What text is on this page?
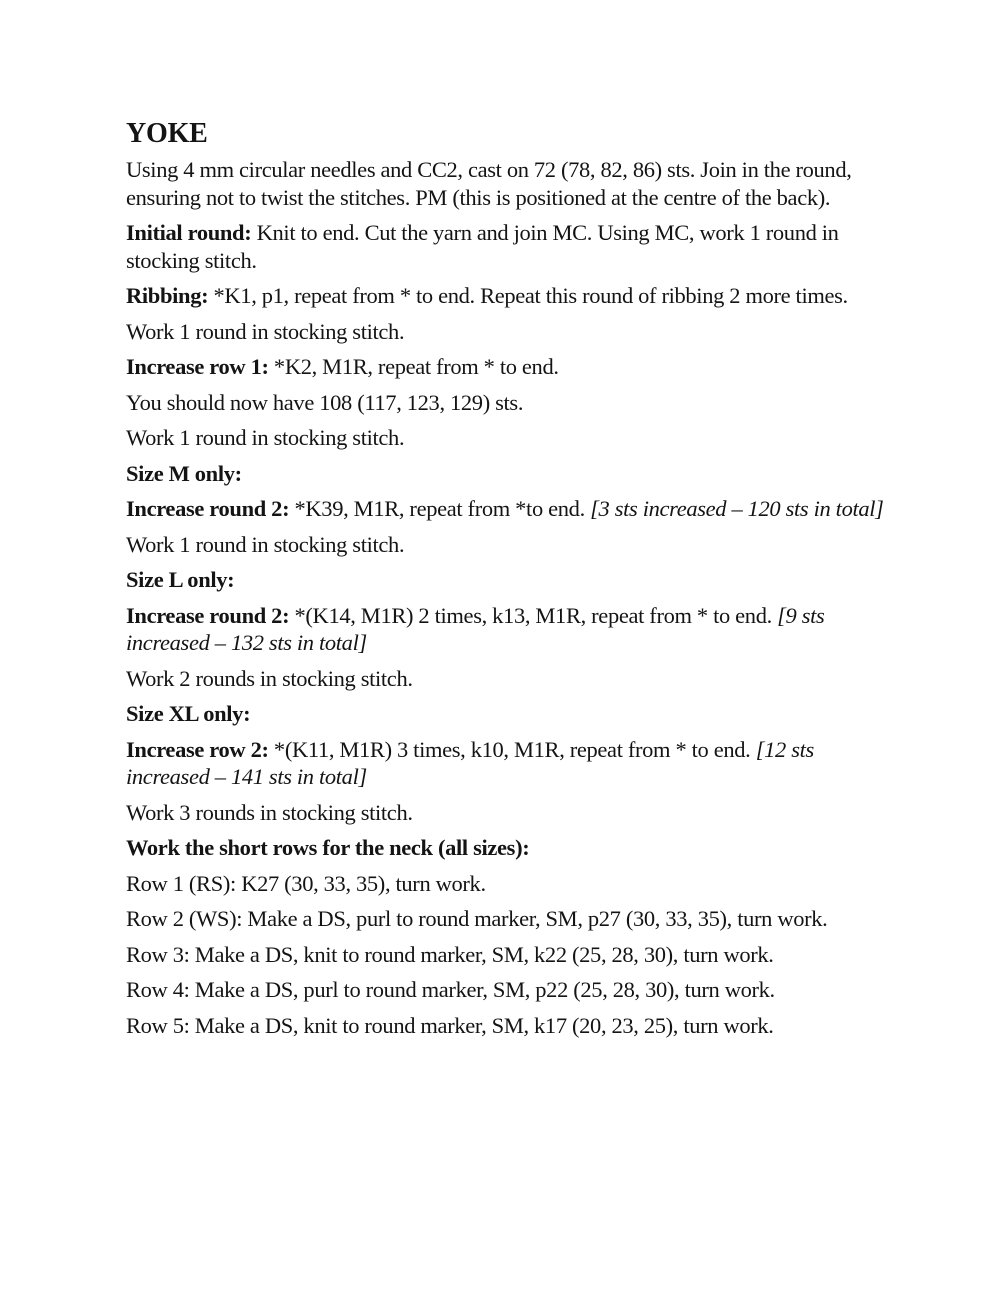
YOKE

Using 4 mm circular needles and CC2, cast on 72 (78, 82, 86) sts. Join in the round, ensuring not to twist the stitches. PM (this is positioned at the centre of the back).

Initial round: Knit to end. Cut the yarn and join MC. Using MC, work 1 round in stocking stitch.

Ribbing: *K1, p1, repeat from * to end. Repeat this round of ribbing 2 more times.

Work 1 round in stocking stitch.

Increase row 1: *K2, M1R, repeat from * to end.

You should now have 108 (117, 123, 129) sts.

Work 1 round in stocking stitch.

Size M only:

Increase round 2: *K39, M1R, repeat from *to end. [3 sts increased – 120 sts in total]

Work 1 round in stocking stitch.

Size L only:

Increase round 2: *(K14, M1R) 2 times, k13, M1R, repeat from * to end. [9 sts increased – 132 sts in total]

Work 2 rounds in stocking stitch.

Size XL only:

Increase row 2: *(K11, M1R) 3 times, k10, M1R, repeat from * to end. [12 sts increased – 141 sts in total]

Work 3 rounds in stocking stitch.

Work the short rows for the neck (all sizes):

Row 1 (RS): K27 (30, 33, 35), turn work.

Row 2 (WS): Make a DS, purl to round marker, SM, p27 (30, 33, 35), turn work.

Row 3: Make a DS, knit to round marker, SM, k22 (25, 28, 30), turn work.

Row 4: Make a DS, purl to round marker, SM, p22 (25, 28, 30), turn work.

Row 5: Make a DS, knit to round marker, SM, k17 (20, 23, 25), turn work.
